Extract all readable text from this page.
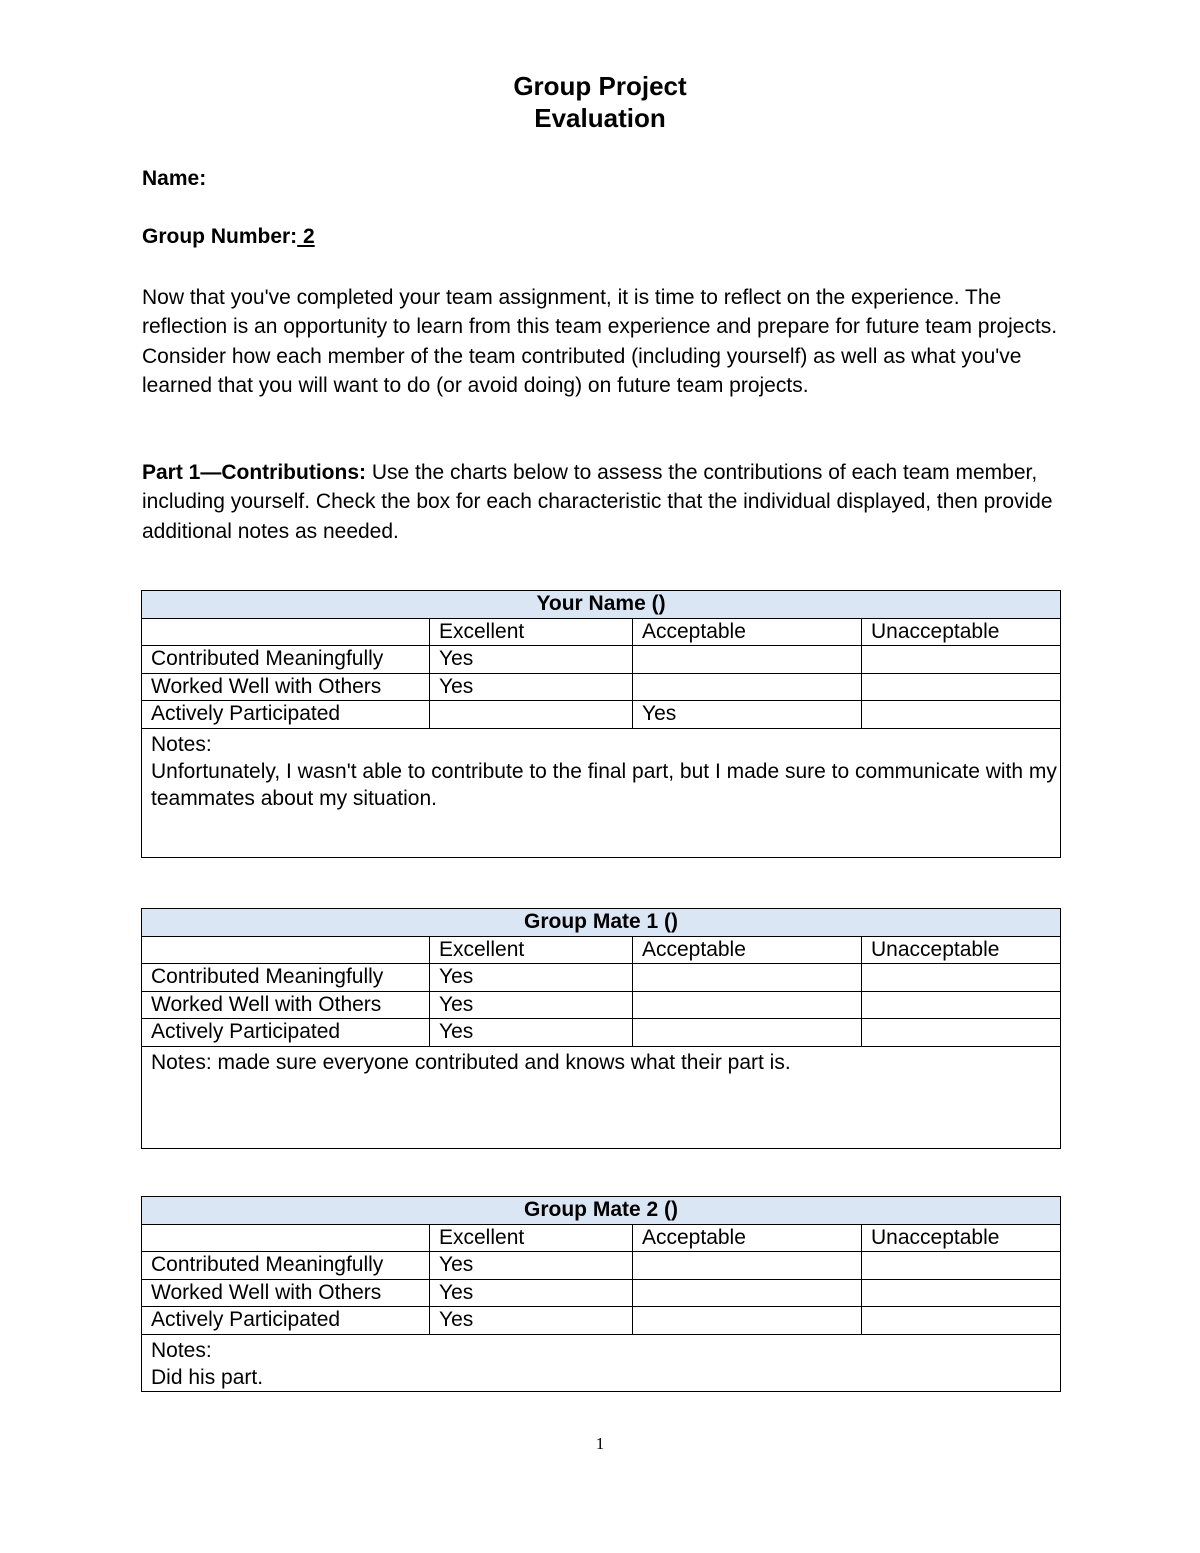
Group Project
Evaluation
Name:
Group Number: 2
Now that you've completed your team assignment, it is time to reflect on the experience. The reflection is an opportunity to learn from this team experience and prepare for future team projects. Consider how each member of the team contributed (including yourself) as well as what you've learned that you will want to do (or avoid doing) on future team projects.
Part 1—Contributions: Use the charts below to assess the contributions of each team member, including yourself. Check the box for each characteristic that the individual displayed, then provide additional notes as needed.
Your Name ()			
	Excellent	Acceptable	Unacceptable
Contributed Meaningfully	Yes		
Worked Well with Others	Yes		
Actively Participated		Yes	

Notes:
Unfortunately, I wasn't able to contribute to the final part, but I made sure to communicate with my teammates about my situation.			
Group Mate 1 ()			
	Excellent	Acceptable	Unacceptable
Contributed Meaningfully	Yes		
Worked Well with Others	Yes		
Actively Participated	Yes		
Notes: made sure everyone contributed and knows what their part is.			
Group Mate 2 ()			
	Excellent	Acceptable	Unacceptable
Contributed Meaningfully	Yes		
Worked Well with Others	Yes		
Actively Participated	Yes		

Notes:
Did his part.			
1
